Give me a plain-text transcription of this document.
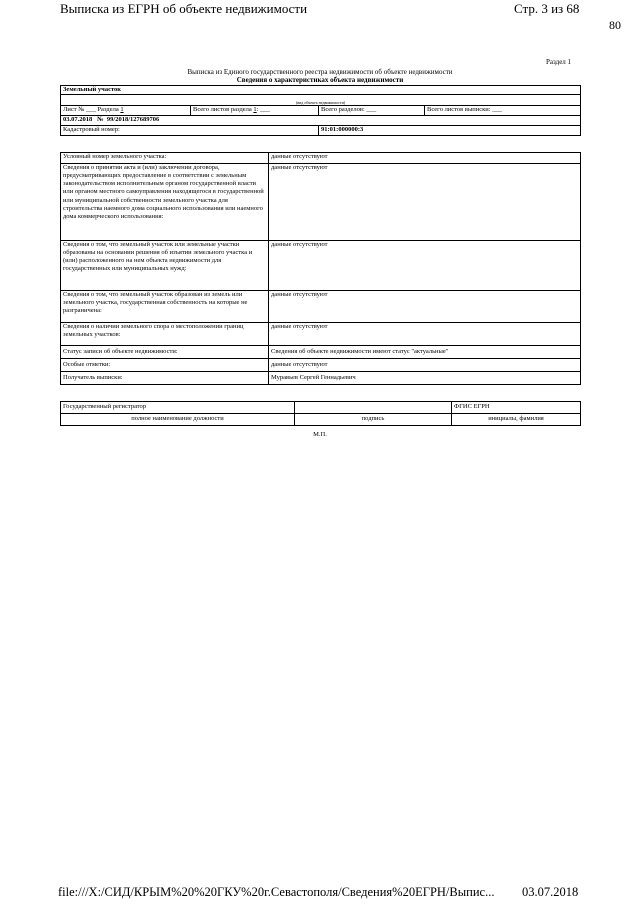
Выписка из ЕГРН об объекте недвижимости	Стр. 3 из 68
80
Раздел 1
Выписка из Единого государственного реестра недвижимости об объекте недвижимости
Сведения о характеристиках объекта недвижимости
Земельный участок			
(вид объекта недвижимости)			
Лист № ___ Раздела 1	Всего листов раздела 1: ___	Всего разделов: ___	Всего листов выписки: ___
03.07.2018 № 99/2018/127689706			
Кадастровый номер:		91:01:000000:3	
Условный номер земельного участка:	данные отсутствуют
Сведения о принятии акта и (или) заключении договора, предусматривающих предоставление в соответствии с земельным законодательством исполнительным органом государственной власти или органом местного самоуправления находящегося в государственной или муниципальной собственности земельного участка для строительства наемного дома социального использования или наемного дома коммерческого использования:	данные отсутствуют
Сведения о том, что земельный участок или земельные участки образованы на основании решения об изъятии земельного участка и (или) расположенного на нем объекта недвижимости для государственных или муниципальных нужд:	данные отсутствуют
Сведения о том, что земельный участок образован из земель или земельного участка, государственная собственность на которые не разграничена:	данные отсутствуют
Сведения о наличии земельного спора о местоположении границ земельных участков:	данные отсутствуют
Статус записи об объекте недвижимости:	Сведения об объекте недвижимости имеют статус "актуальные"
Особые отметки:	данные отсутствуют
Получатель выписки:	Муравьев Сергей Геннадьевич
Государственный регистратор		ФГИС ЕГРН
полное наименование должности	подпись	инициалы, фамилия
М.П.
file:///X:/СИД/КРЫМ%20%20ГКУ%20г.Севастополя/Сведения%20ЕГРН/Выпис... 03.07.2018
